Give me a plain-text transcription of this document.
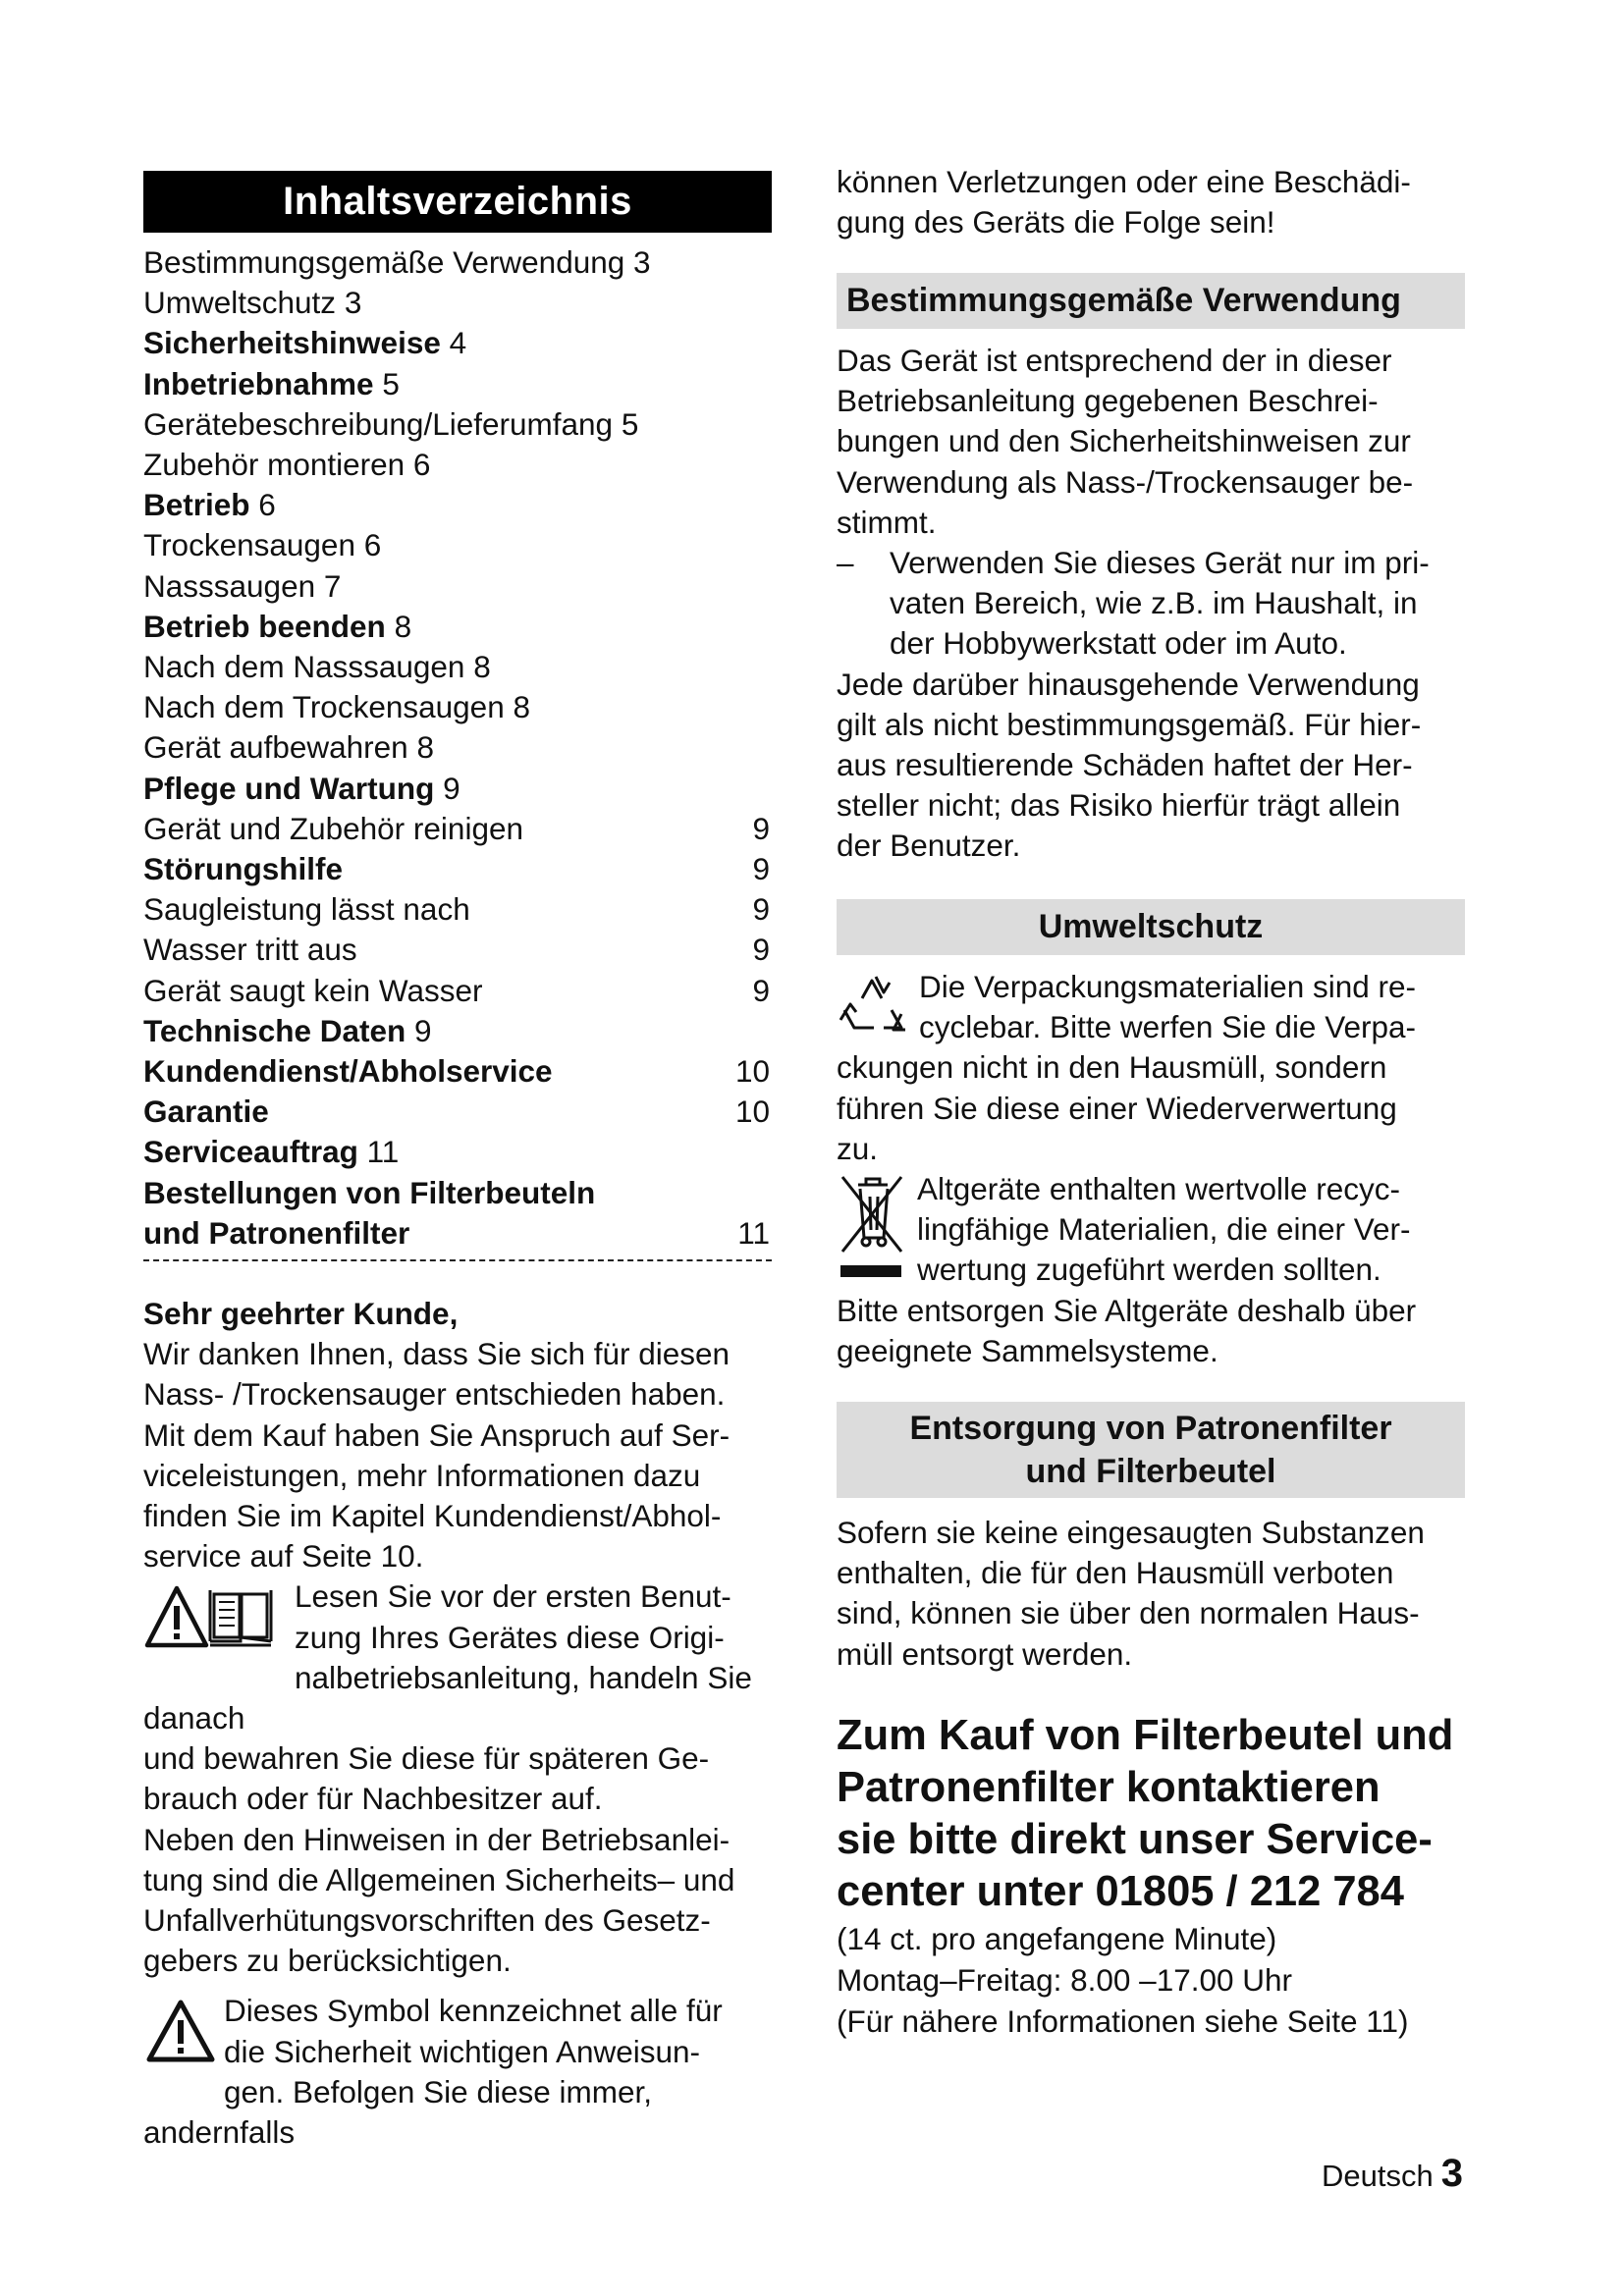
Inhaltsverzeichnis
Bestimmungsgemäße Verwendung 3
Umweltschutz 3
Sicherheitshinweise 4
Inbetriebnahme 5
Gerätebeschreibung/Lieferumfang 5
Zubehör montieren 6
Betrieb 6
Trockensaugen 6
Nasssaugen 7
Betrieb beenden 8
Nach dem Nasssaugen 8
Nach dem Trockensaugen 8
Gerät aufbewahren 8
Pflege und Wartung 9
Gerät und Zubehör reinigen	9
Störungshilfe	9
Saugleistung lässt nach	9
Wasser tritt aus	9
Gerät saugt kein Wasser	9
Technische Daten 9
Kundendienst/Abholservice	10
Garantie	10
Serviceauftrag 11
Bestellungen von Filterbeuteln
und Patronenfilter	11
Sehr geehrter Kunde,
Wir danken Ihnen, dass Sie sich für diesen
Nass- /Trockensauger entschieden haben.
Mit dem Kauf haben Sie Anspruch auf Ser-
viceleistungen, mehr Informationen dazu
finden Sie im Kapitel Kundendienst/Abhol-
service auf Seite 10.
Lesen Sie vor der ersten Benut-
zung Ihres Gerätes diese Origi-
nalbetriebsanleitung, handeln Sie danach
und bewahren Sie diese für späteren Ge-
brauch oder für Nachbesitzer auf.
Neben den Hinweisen in der Betriebsanlei-
tung sind die Allgemeinen Sicherheits– und
Unfallverhütungsvorschriften des Gesetz-
gebers zu berücksichtigen.
Dieses Symbol kennzeichnet alle für
die Sicherheit wichtigen Anweisun-
gen. Befolgen Sie diese immer, andernfalls
können Verletzungen oder eine Beschädi-
gung des Geräts die Folge sein!
Bestimmungsgemäße Verwendung
Das Gerät ist entsprechend der in dieser
Betriebsanleitung gegebenen Beschrei-
bungen und den Sicherheitshinweisen zur
Verwendung als Nass-/Trockensauger be-
stimmt.
–	Verwenden Sie dieses Gerät nur im pri-
vaten Bereich, wie z.B. im Haushalt, in
der Hobbywerkstatt oder im Auto.
Jede darüber hinausgehende Verwendung
gilt als nicht bestimmungsgemäß. Für hier-
aus resultierende Schäden haftet der Her-
steller nicht; das Risiko hierfür trägt allein
der Benutzer.
Umweltschutz
Die Verpackungsmaterialien sind re-
cyclebar. Bitte werfen Sie die Verpa-
ckungen nicht in den Hausmüll, sondern
führen Sie diese einer Wiederverwertung
zu.
Altgeräte enthalten wertvolle recyc-
lingfähige Materialien, die einer Ver-
wertung zugeführt werden sollten.
Bitte entsorgen Sie Altgeräte deshalb über
geeignete Sammelsysteme.
Entsorgung von Patronenfilter
und Filterbeutel
Sofern sie keine eingesaugten Substanzen
enthalten, die für den Hausmüll verboten
sind, können sie über den normalen Haus-
müll entsorgt werden.
Zum Kauf von Filterbeutel und
Patronenfilter kontaktieren
sie bitte direkt unser Service-
center unter 01805 / 212 784
(14 ct. pro angefangene Minute)
Montag–Freitag: 8.00 –17.00 Uhr
(Für nähere Informationen siehe Seite 11)
Deutsch 3
